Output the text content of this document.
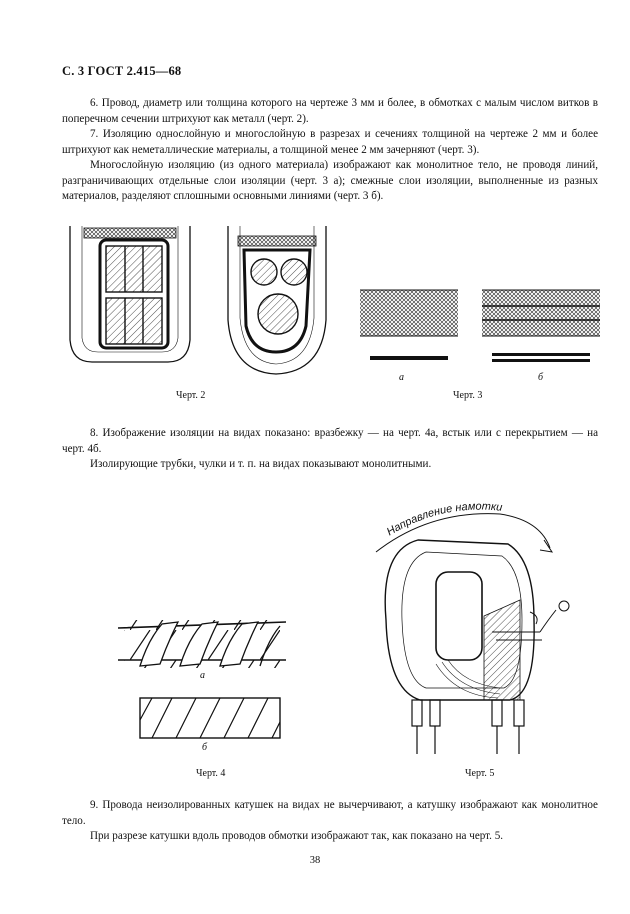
С. 3 ГОСТ 2.415—68

6. Провод, диаметр или толщина которого на чертеже 3 мм и более, в обмотках с малым числом витков в поперечном сечении штрихуют как металл (черт. 2).

7. Изоляцию однослойную и многослойную в разрезах и сечениях толщиной на чертеже 2 мм и более штрихуют как неметаллические материалы, а толщиной менее 2 мм зачерняют (черт. 3).

Многослойную изоляцию (из одного материала) изображают как монолитное тело, не проводя линий, разграничивающих отдельные слои изоляции (черт. 3 а); смежные слои изоляции, выполненные из разных материалов, разделяют сплошными основными линиями (черт. 3 б).

8. Изображение изоляции на видах показано: вразбежку — на черт. 4а, встык или с перекрытием — на черт. 4б.

Изолирующие трубки, чулки и т. п. на видах показывают монолитными.

9. Провода неизолированных катушек на видах не вычерчивают, а катушку изображают как монолитное тело.

При разрезе катушки вдоль проводов обмотки изображают так, как показано на черт. 5.

Направление намотки
а	б
а
б
Черт. 2	Черт. 3
Черт. 4	Черт. 5
38
